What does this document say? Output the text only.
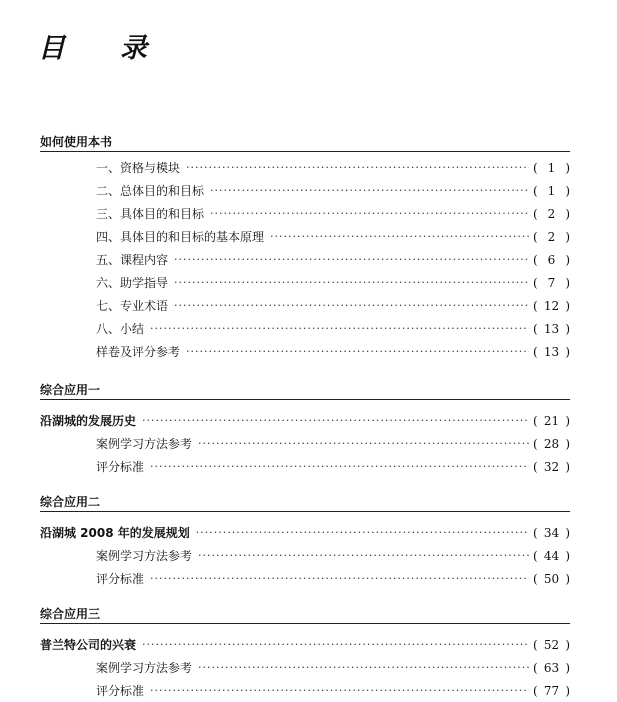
目 录
如何使用本书
一、资格与模块 ·····	( 1 )
二、总体目的和目标 ·····	( 1 )
三、具体目的和目标 ·····	( 2 )
四、具体目的和目标的基本原理 ·····	( 2 )
五、课程内容 ·····	( 6 )
六、助学指导 ·····	( 7 )
七、专业术语 ·····	( 12 )
八、小结 ·····	( 13 )
样卷及评分参考 ·····	( 13 )
综合应用一
沿湖城的发展历史 ·····	( 21 )
案例学习方法参考 ·····	( 28 )
评分标准 ·····	( 32 )
综合应用二
沿湖城 2008 年的发展规划 ·····	( 34 )
案例学习方法参考 ·····	( 44 )
评分标准 ·····	( 50 )
综合应用三
普兰特公司的兴衰 ·····	( 52 )
案例学习方法参考 ·····	( 63 )
评分标准 ·····	( 77 )
